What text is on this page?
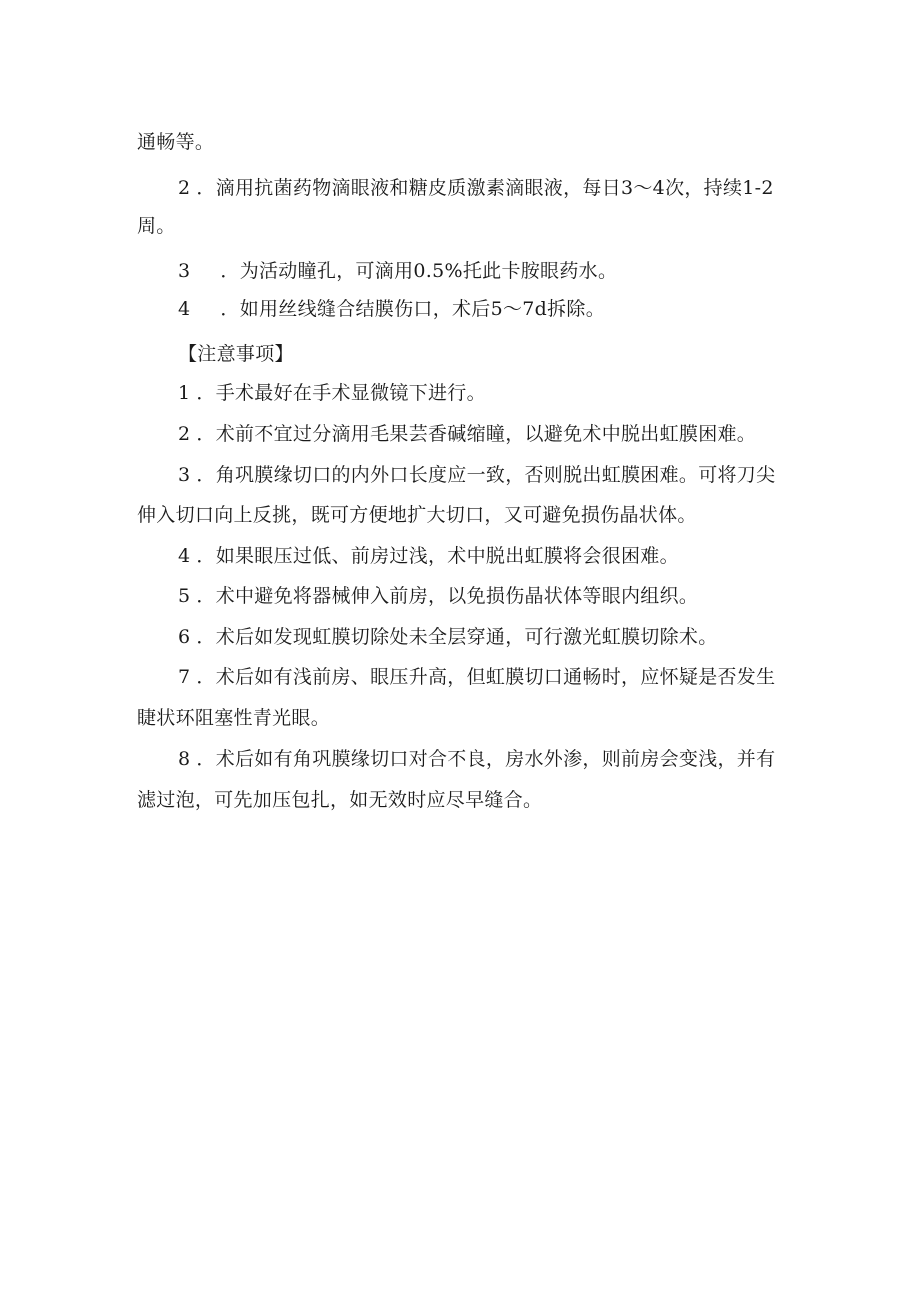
通畅等。
2 ．滴用抗菌药物滴眼液和糖皮质激素滴眼液，每日3～4次，持续1-2
周。
3 ．为活动瞳孔，可滴用0.5%托此卡胺眼药水。
4 ．如用丝线缝合结膜伤口，术后5～7d拆除。
【注意事项】
1 ．手术最好在手术显微镜下进行。
2 ．术前不宜过分滴用毛果芸香碱缩瞳，以避免术中脱出虹膜困难。
3 ．角巩膜缘切口的内外口长度应一致，否则脱出虹膜困难。可将刀尖
伸入切口向上反挑，既可方便地扩大切口，又可避免损伤晶状体。
4 ．如果眼压过低、前房过浅，术中脱出虹膜将会很困难。
5 ．术中避免将器械伸入前房，以免损伤晶状体等眼内组织。
6 ．术后如发现虹膜切除处未全层穿通，可行激光虹膜切除术。
7 ．术后如有浅前房、眼压升高，但虹膜切口通畅时，应怀疑是否发生
睫状环阻塞性青光眼。
8 ．术后如有角巩膜缘切口对合不良，房水外渗，则前房会变浅，并有
滤过泡，可先加压包扎，如无效时应尽早缝合。
